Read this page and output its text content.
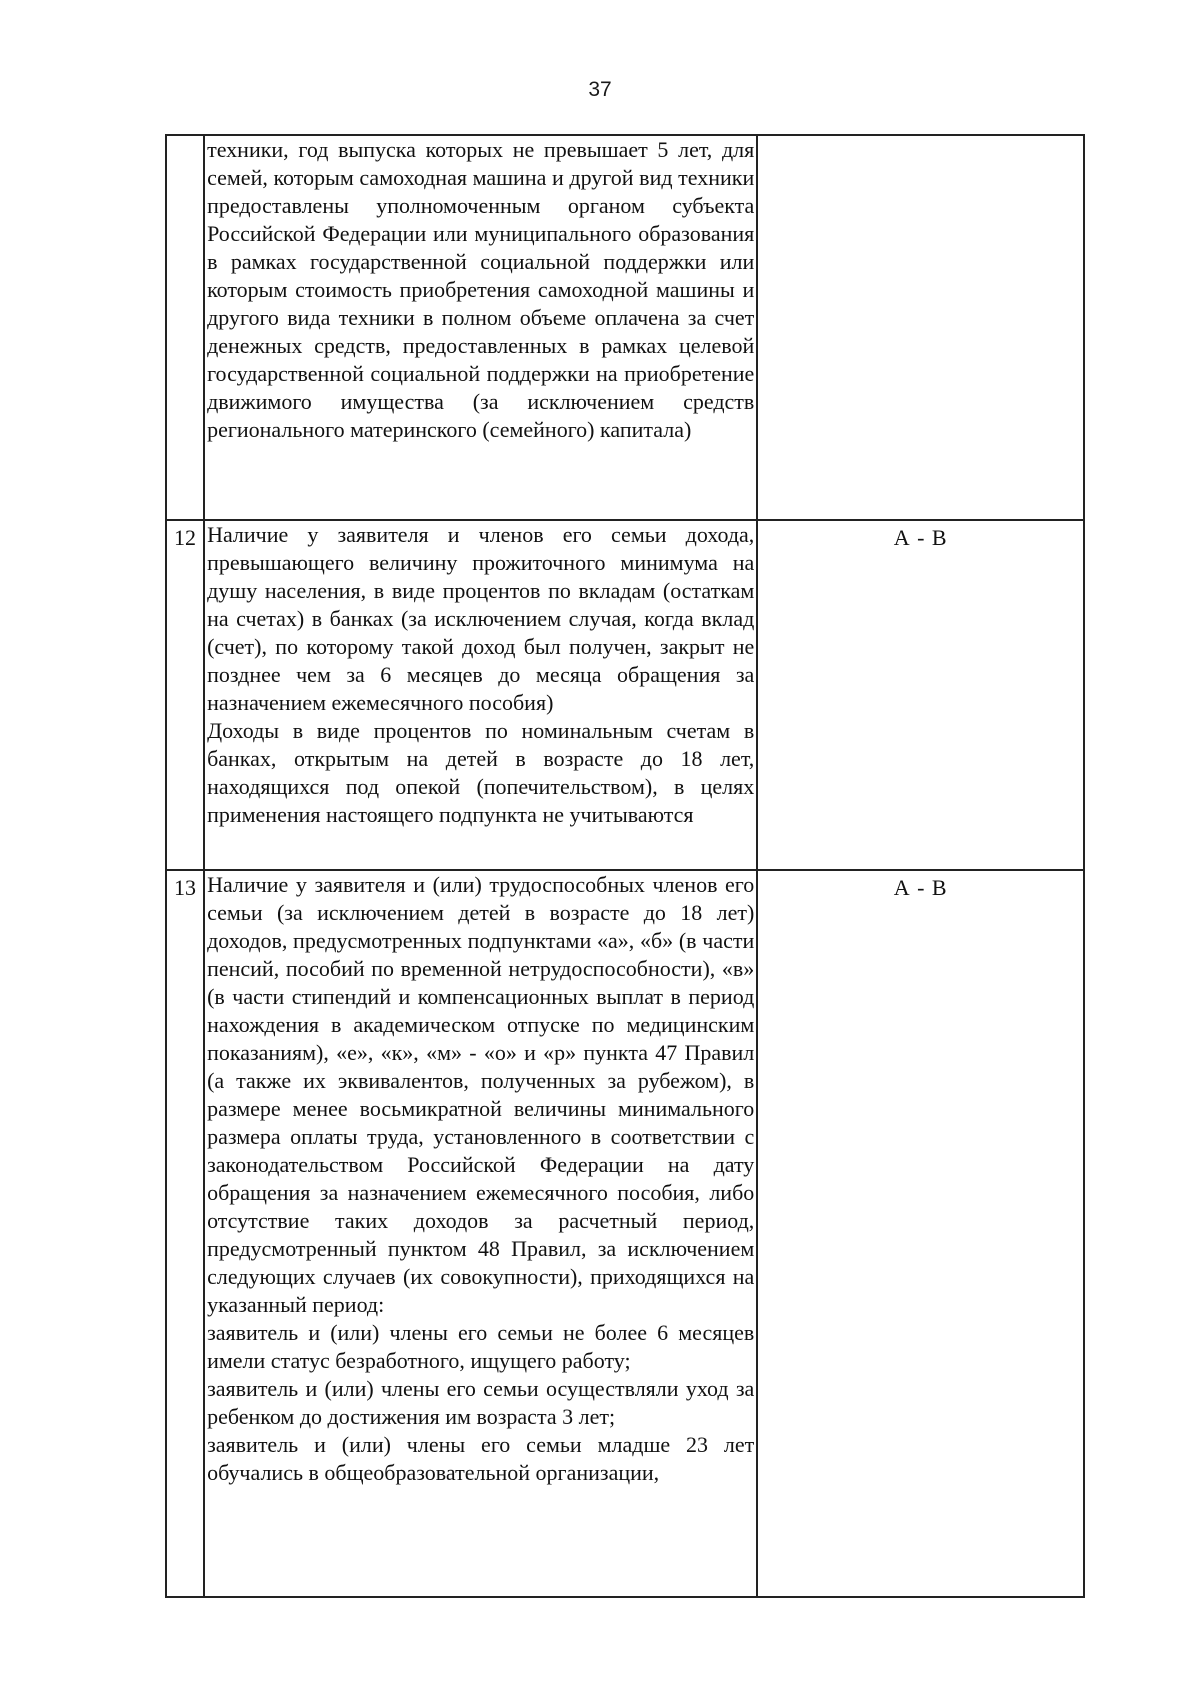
37

	техники, год выпуска которых не превышает 5 лет, для семей, которым самоходная машина и другой вид техники предоставлены уполномоченным органом субъекта Российской Федерации или муниципального образования в рамках государственной социальной поддержки или которым стоимость приобретения самоходной машины и другого вида техники в полном объеме оплачена за счет денежных средств, предоставленных в рамках целевой государственной социальной поддержки на приобретение движимого имущества (за исключением средств регионального материнского (семейного) капитала)	

12	Наличие у заявителя и членов его семьи дохода, превышающего величину прожиточного минимума на душу населения, в виде процентов по вкладам (остаткам на счетах) в банках (за исключением случая, когда вклад (счет), по которому такой доход был получен, закрыт не позднее чем за 6 месяцев до месяца обращения за назначением ежемесячного пособия)

Доходы в виде процентов по номинальным счетам в банках, открытым на детей в возрасте до 18 лет, находящихся под опекой (попечительством), в целях применения настоящего подпункта не учитываются	А - В
13	Наличие у заявителя и (или) трудоспособных членов его семьи (за исключением детей в возрасте до 18 лет) доходов, предусмотренных подпунктами «а», «б» (в части пенсий, пособий по временной нетрудоспособности), «в» (в части стипендий и компенсационных выплат в период нахождения в академическом отпуске по медицинским показаниям), «е», «к», «м» - «о» и «р» пункта 47 Правил (а также их эквивалентов, полученных за рубежом), в размере менее восьмикратной величины минимального размера оплаты труда, установленного в соответствии с законодательством Российской Федерации на дату обращения за назначением ежемесячного пособия, либо отсутствие таких доходов за расчетный период, предусмотренный пунктом 48 Правил, за исключением следующих случаев (их совокупности), приходящихся на указанный период:

заявитель и (или) члены его семьи не более 6 месяцев имели статус безработного, ищущего работу;

заявитель и (или) члены его семьи осуществляли уход за ребенком до достижения им возраста 3 лет;

заявитель и (или) члены его семьи младше 23 лет обучались в общеобразовательной организации,	А - В
